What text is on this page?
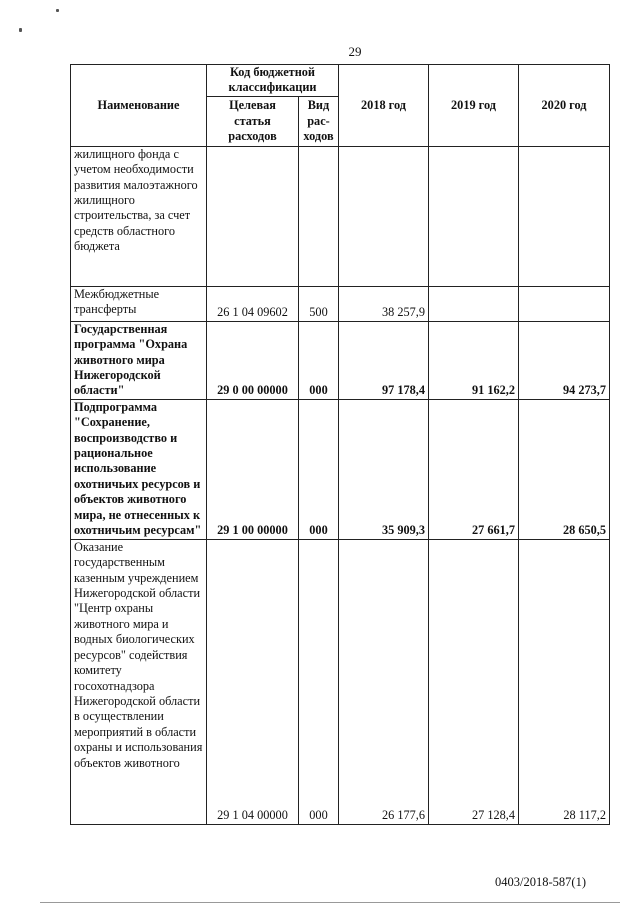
29
Наименование	Код бюджетной классификации		2018 год	2019 год	2020 год
	Целевая статья расходов	Вид рас-ходов			
жилищного фонда с учетом необходимости развития малоэтажного жилищного строительства, за счет средств областного бюджета					
Межбюджетные трансферты	26 1 04 09602	500	38 257,9		
Государственная программа "Охрана животного мира Нижегородской области"	29 0 00 00000	000	97 178,4	91 162,2	94 273,7
Подпрограмма "Сохранение, воспроизводство и рациональное использование охотничьих ресурсов и объектов животного мира, не отнесенных к охотничьим ресурсам"	29 1 00 00000	000	35 909,3	27 661,7	28 650,5
Оказание государственным казенным учреждением Нижегородской области "Центр охраны животного мира и водных биологических ресурсов" содействия комитету госохотнадзора Нижегородской области в осуществлении мероприятий в области охраны и использования объектов животного	29 1 04 00000	000	26 177,6	27 128,4	28 117,2
0403/2018-587(1)
